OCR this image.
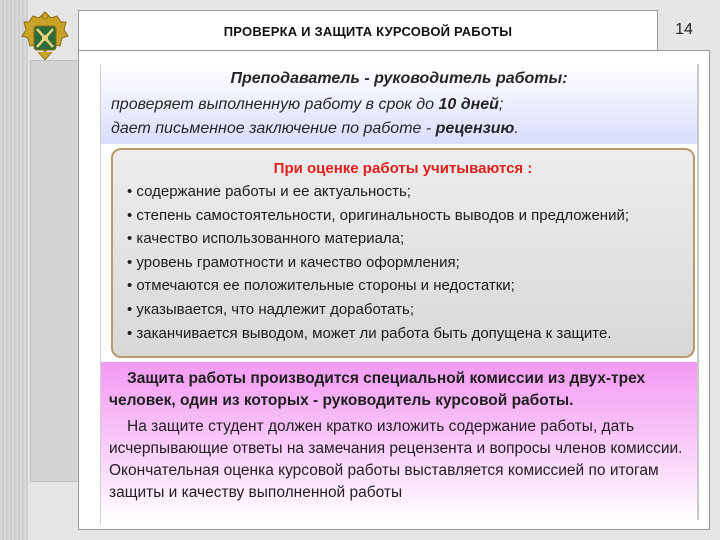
ПРОВЕРКА И ЗАЩИТА КУРСОВОЙ РАБОТЫ	14
Преподаватель - руководитель работы:
проверяет выполненную работу в срок до 10 дней;
дает письменное заключение по работе - рецензию.
При оценке работы учитываются :
• содержание работы и ее актуальность;
• степень самостоятельности, оригинальность выводов и предложений;
• качество использованного материала;
• уровень грамотности и качество оформления;
• отмечаются ее положительные стороны и недостатки;
• указывается, что надлежит доработать;
• заканчивается выводом, может ли работа быть допущена к защите.
Защита работы производится специальной комиссии из двух-трех человек, один из которых - руководитель курсовой работы.
На защите студент должен кратко изложить содержание работы, дать исчерпывающие ответы на замечания рецензента и вопросы членов комиссии. Окончательная оценка курсовой работы выставляется комиссией по итогам защиты и качеству выполненной работы
